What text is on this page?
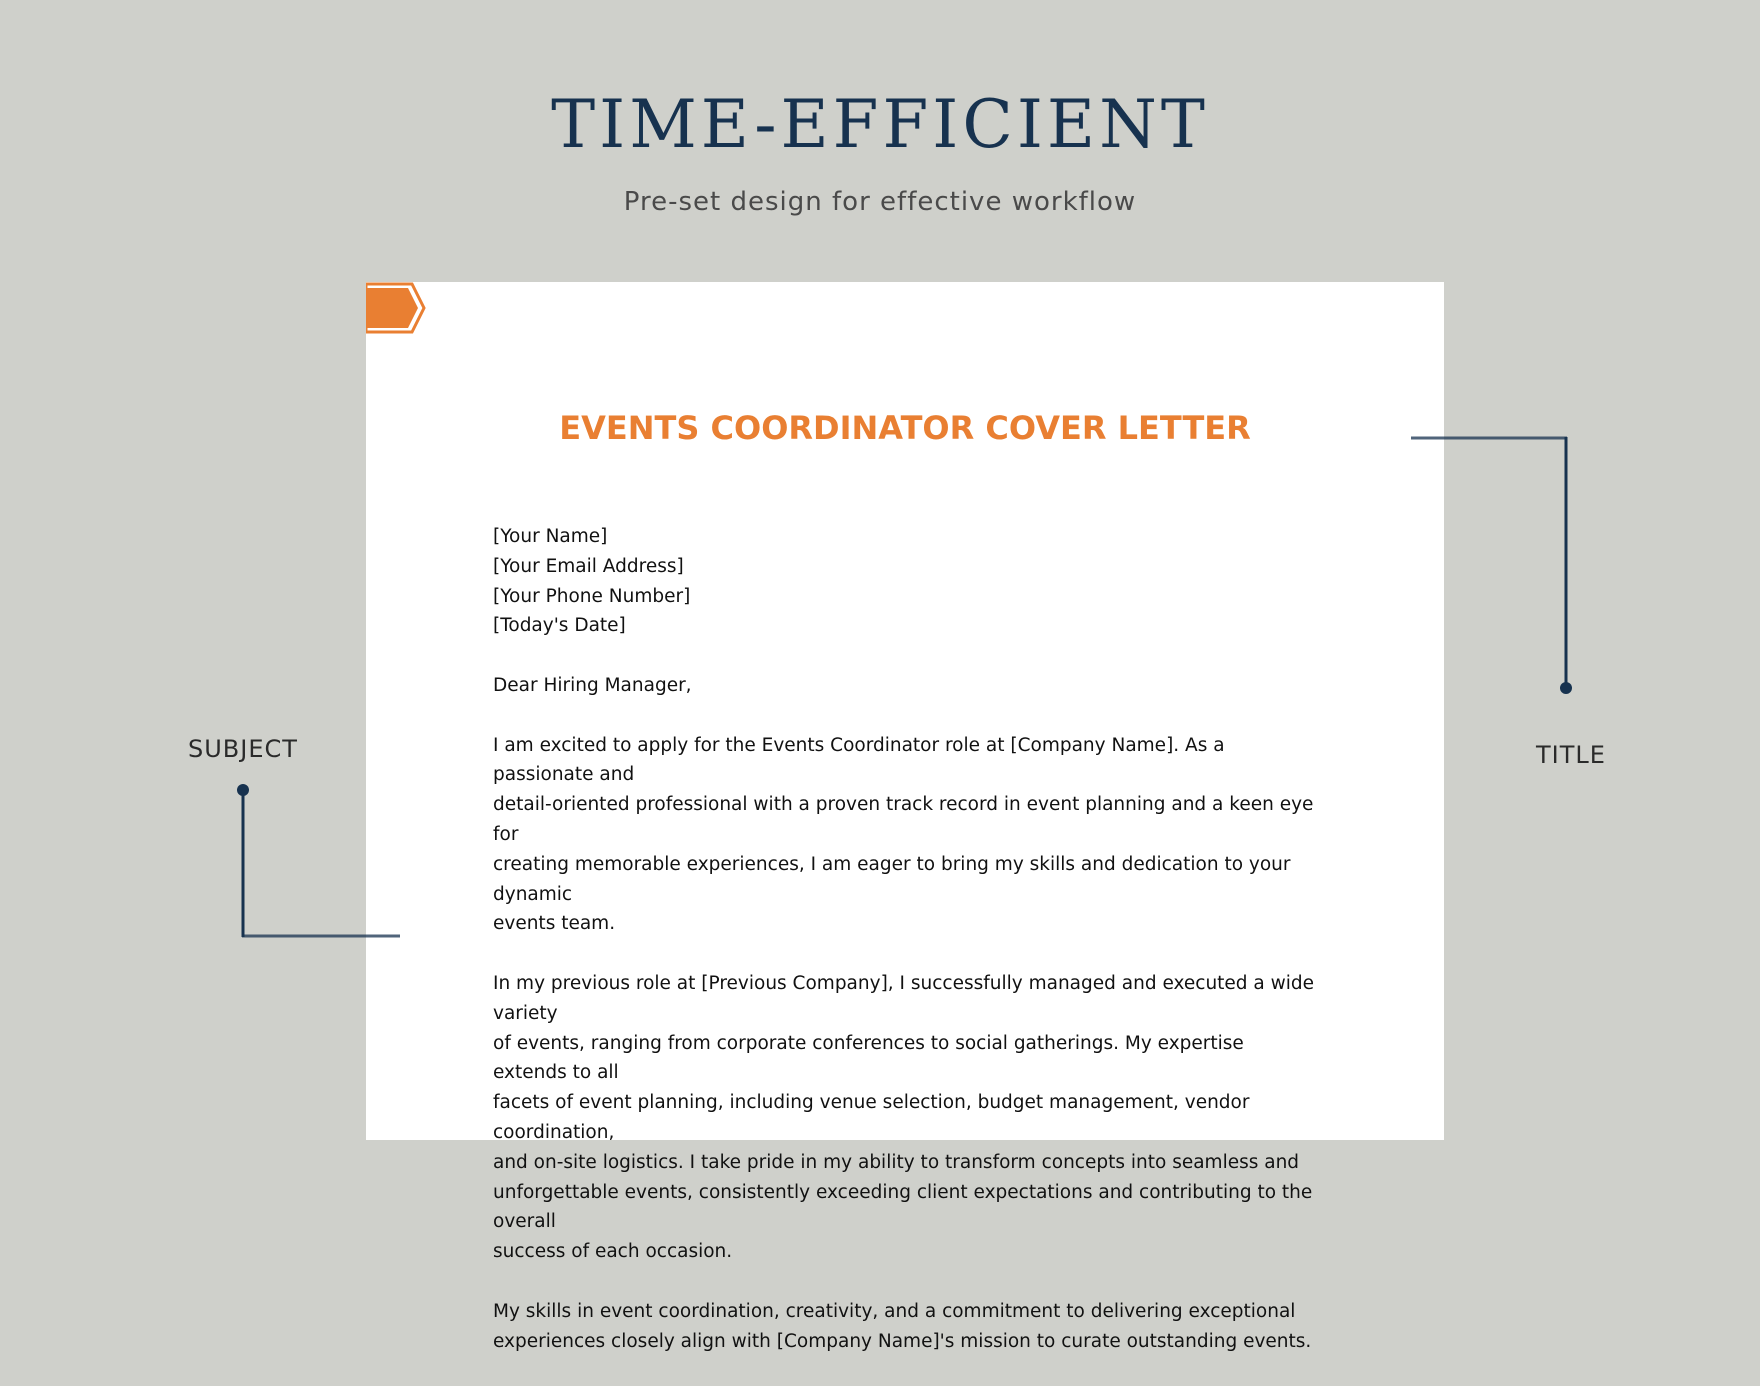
TIME-EFFICIENT
Pre-set design for effective workflow
EVENTS COORDINATOR COVER LETTER

[Your Name]
[Your Email Address]
[Your Phone Number]
[Today's Date]

Dear Hiring Manager,

I am excited to apply for the Events Coordinator role at [Company Name]. As a passionate and
detail-oriented professional with a proven track record in event planning and a keen eye for
creating memorable experiences, I am eager to bring my skills and dedication to your dynamic
events team.

In my previous role at [Previous Company], I successfully managed and executed a wide variety
of events, ranging from corporate conferences to social gatherings. My expertise extends to all
facets of event planning, including venue selection, budget management, vendor coordination,
and on-site logistics. I take pride in my ability to transform concepts into seamless and
unforgettable events, consistently exceeding client expectations and contributing to the overall
success of each occasion.

My skills in event coordination, creativity, and a commitment to delivering exceptional
experiences closely align with [Company Name]'s mission to curate outstanding events.

SUBJECT	TITLE
